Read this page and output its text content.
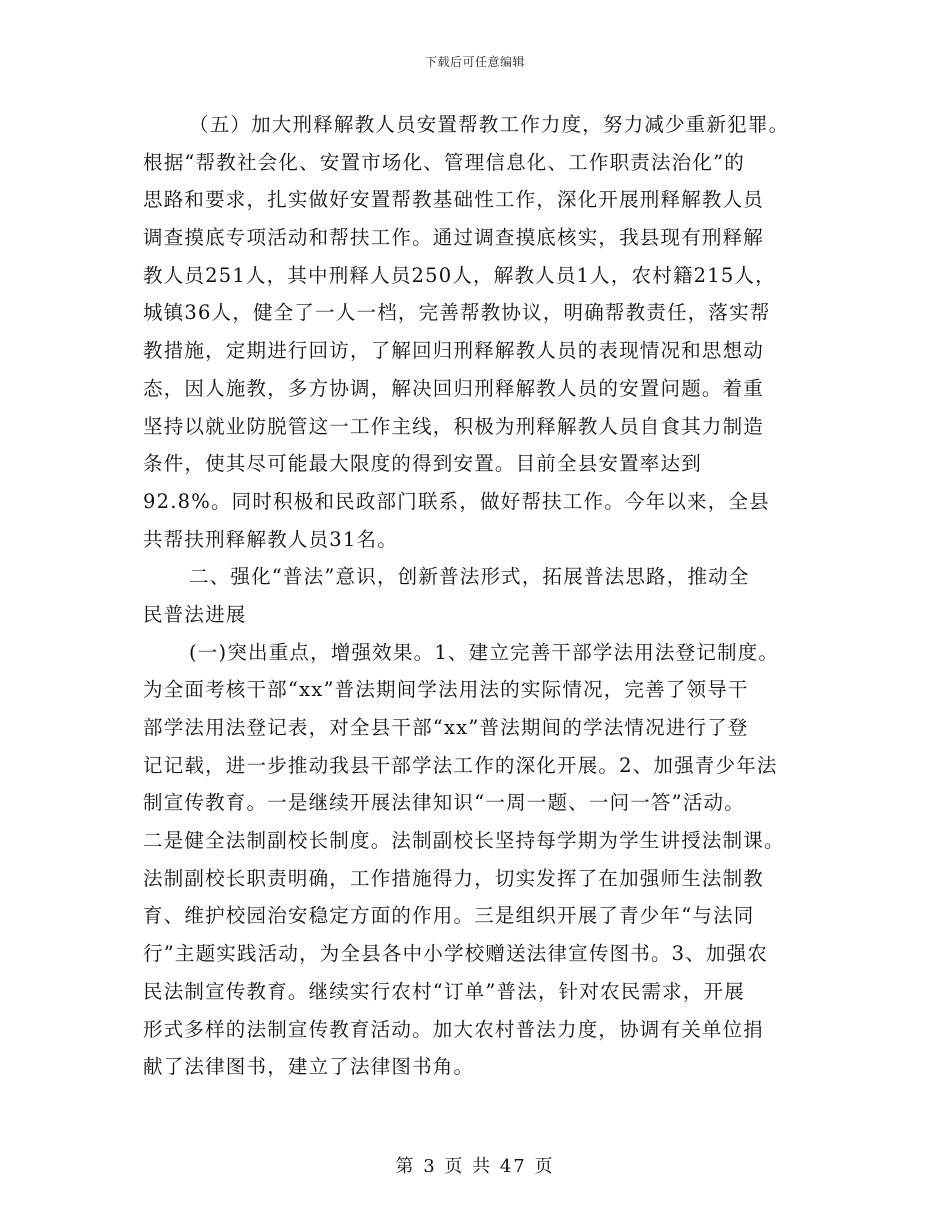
下载后可任意编辑
（五）加大刑释解教人员安置帮教工作力度，努力减少重新犯罪。
根据“帮教社会化、安置市场化、管理信息化、工作职责法治化”的
思路和要求，扎实做好安置帮教基础性工作，深化开展刑释解教人员
调查摸底专项活动和帮扶工作。通过调查摸底核实，我县现有刑释解
教人员251人，其中刑释人员250人，解教人员1人，农村籍215人，
城镇36人，健全了一人一档，完善帮教协议，明确帮教责任，落实帮
教措施，定期进行回访，了解回归刑释解教人员的表现情况和思想动
态，因人施教，多方协调，解决回归刑释解教人员的安置问题。着重
坚持以就业防脱管这一工作主线，积极为刑释解教人员自食其力制造
条件，使其尽可能最大限度的得到安置。目前全县安置率达到
92.8%。同时积极和民政部门联系，做好帮扶工作。今年以来，全县
共帮扶刑释解教人员31名。
二、强化“普法”意识，创新普法形式，拓展普法思路，推动全
民普法进展
(一)突出重点，增强效果。1、建立完善干部学法用法登记制度。
为全面考核干部“xx”普法期间学法用法的实际情况，完善了领导干
部学法用法登记表，对全县干部“xx”普法期间的学法情况进行了登
记记载，进一步推动我县干部学法工作的深化开展。2、加强青少年法
制宣传教育。一是继续开展法律知识“一周一题、一问一答”活动。
二是健全法制副校长制度。法制副校长坚持每学期为学生讲授法制课。
法制副校长职责明确，工作措施得力，切实发挥了在加强师生法制教
育、维护校园治安稳定方面的作用。三是组织开展了青少年“与法同
行”主题实践活动，为全县各中小学校赠送法律宣传图书。3、加强农
民法制宣传教育。继续实行农村“订单”普法，针对农民需求，开展
形式多样的法制宣传教育活动。加大农村普法力度，协调有关单位捐
献了法律图书，建立了法律图书角。
第 3 页 共 47 页
